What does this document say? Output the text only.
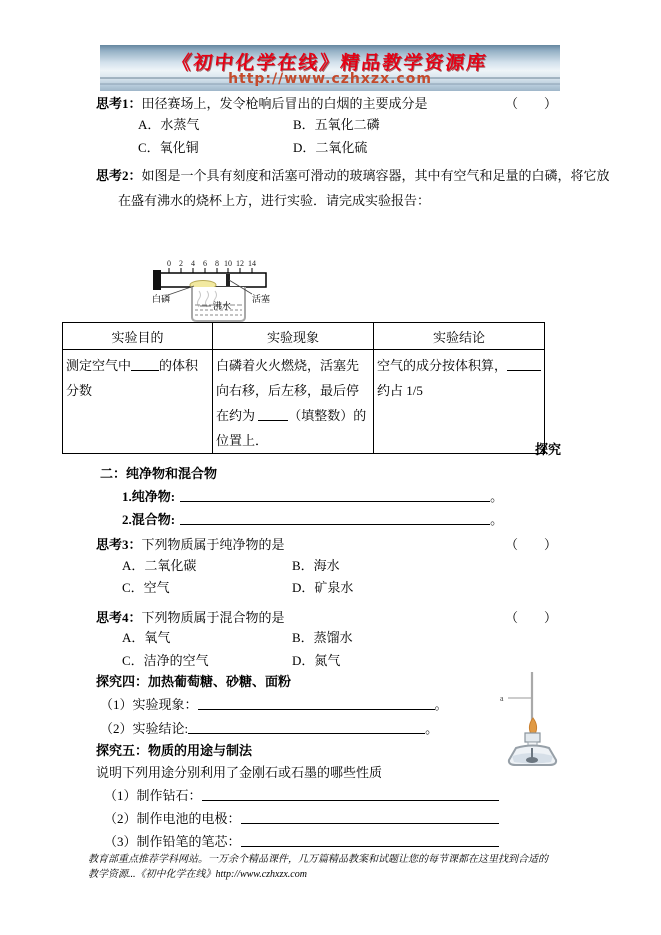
《初中化学在线》精品教学资源库
http://www.czhxzx.com
思考1：田径赛场上，发令枪响后冒出的白烟的主要成分是	（　　）
A．水蒸气	B．五氧化二磷
C．氧化铜	D．二氧化硫
思考2：如图是一个具有刻度和活塞可滑动的玻璃容器，其中有空气和足量的白磷，将它放
在盛有沸水的烧杯上方，进行实验．请完成实验报告：
0 2 4 6 8 10 12 14
白磷	活塞
沸水
实验目的	实验现象	实验结论
测定空气中 的体积分数	白磷着火火燃烧，活塞先向右移，后左移，最后停在约为 （填整数）的位置上．	空气的成分按体积算，
约占 1/5
探究
二：纯净物和混合物
1.纯净物:	。
2.混合物:	。
思考3：下列物质属于纯净物的是	（　　）
A．二氧化碳	B．海水
C．空气	D．矿泉水
思考4：下列物质属于混合物的是	（　　）
A．氧气	B．蒸馏水
C．洁净的空气	D．氮气
探究四：加热葡萄糖、砂糖、面粉
（1）实验现象：	。
（2）实验结论:	。
a
探究五：物质的用途与制法
说明下列用途分别利用了金刚石或石墨的哪些性质
（1）制作钻石：
（2）制作电池的电极：
（3）制作铅笔的笔芯：
教育部重点推荐学科网站。一万余个精品课件，几万篇精品教案和试题让您的每节课都在这里找到合适的
教学资源...《初中化学在线》http://www.czhxzx.com
